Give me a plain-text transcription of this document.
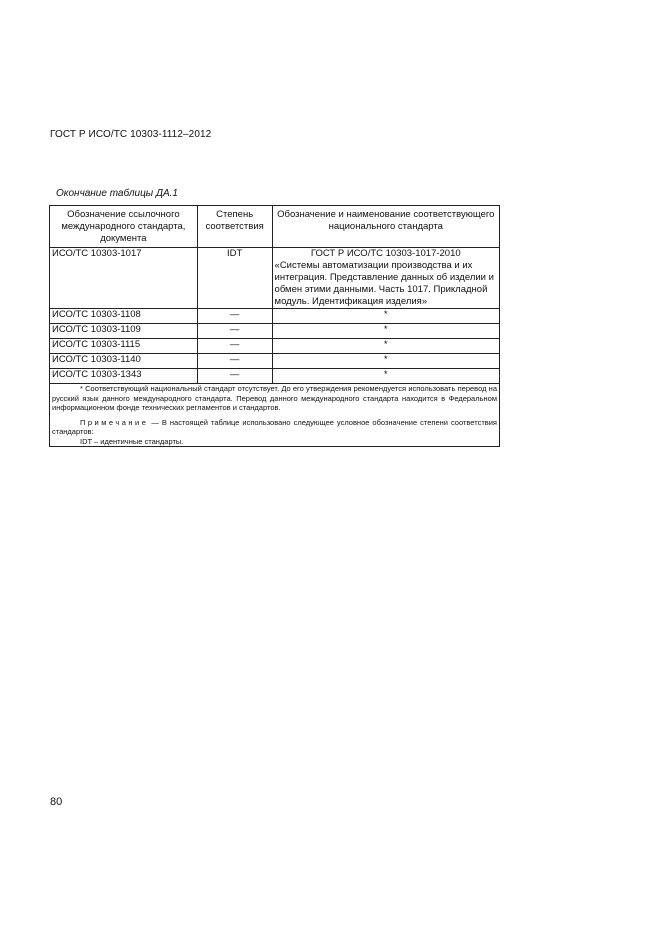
ГОСТ Р ИСО/ТС 10303-1112–2012
Окончание таблицы ДА.1
Обозначение ссылочного международного стандарта, документа	Степень соответствия	Обозначение и наименование соответствующего национального стандарта
ИСО/ТС 10303-1017	IDT	ГОСТ Р ИСО/ТС 10303-1017-2010
«Системы автоматизации производства и их интеграция. Представление данных об изделии и обмен этими данными. Часть 1017. Прикладной модуль. Идентификация изделия»

ИСО/ТС 10303-1108	—	*
ИСО/ТС 10303-1109	—	*
ИСО/ТС 10303-1115	—	*
ИСО/ТС 10303-1140	—	*
ИСО/ТС 10303-1343	—	*

* Соответствующий национальный стандарт отсутствует. До его утверждения рекомендуется использовать перевод на русский язык данного международного стандарта. Перевод данного международного стандарта находится в Федеральном информационном фонде технических регламентов и стандартов.

Примечание — В настоящей таблице использовано следующее условное обозначение степени соответствия стандартов:

IDT – идентичные стандарты.		

80
